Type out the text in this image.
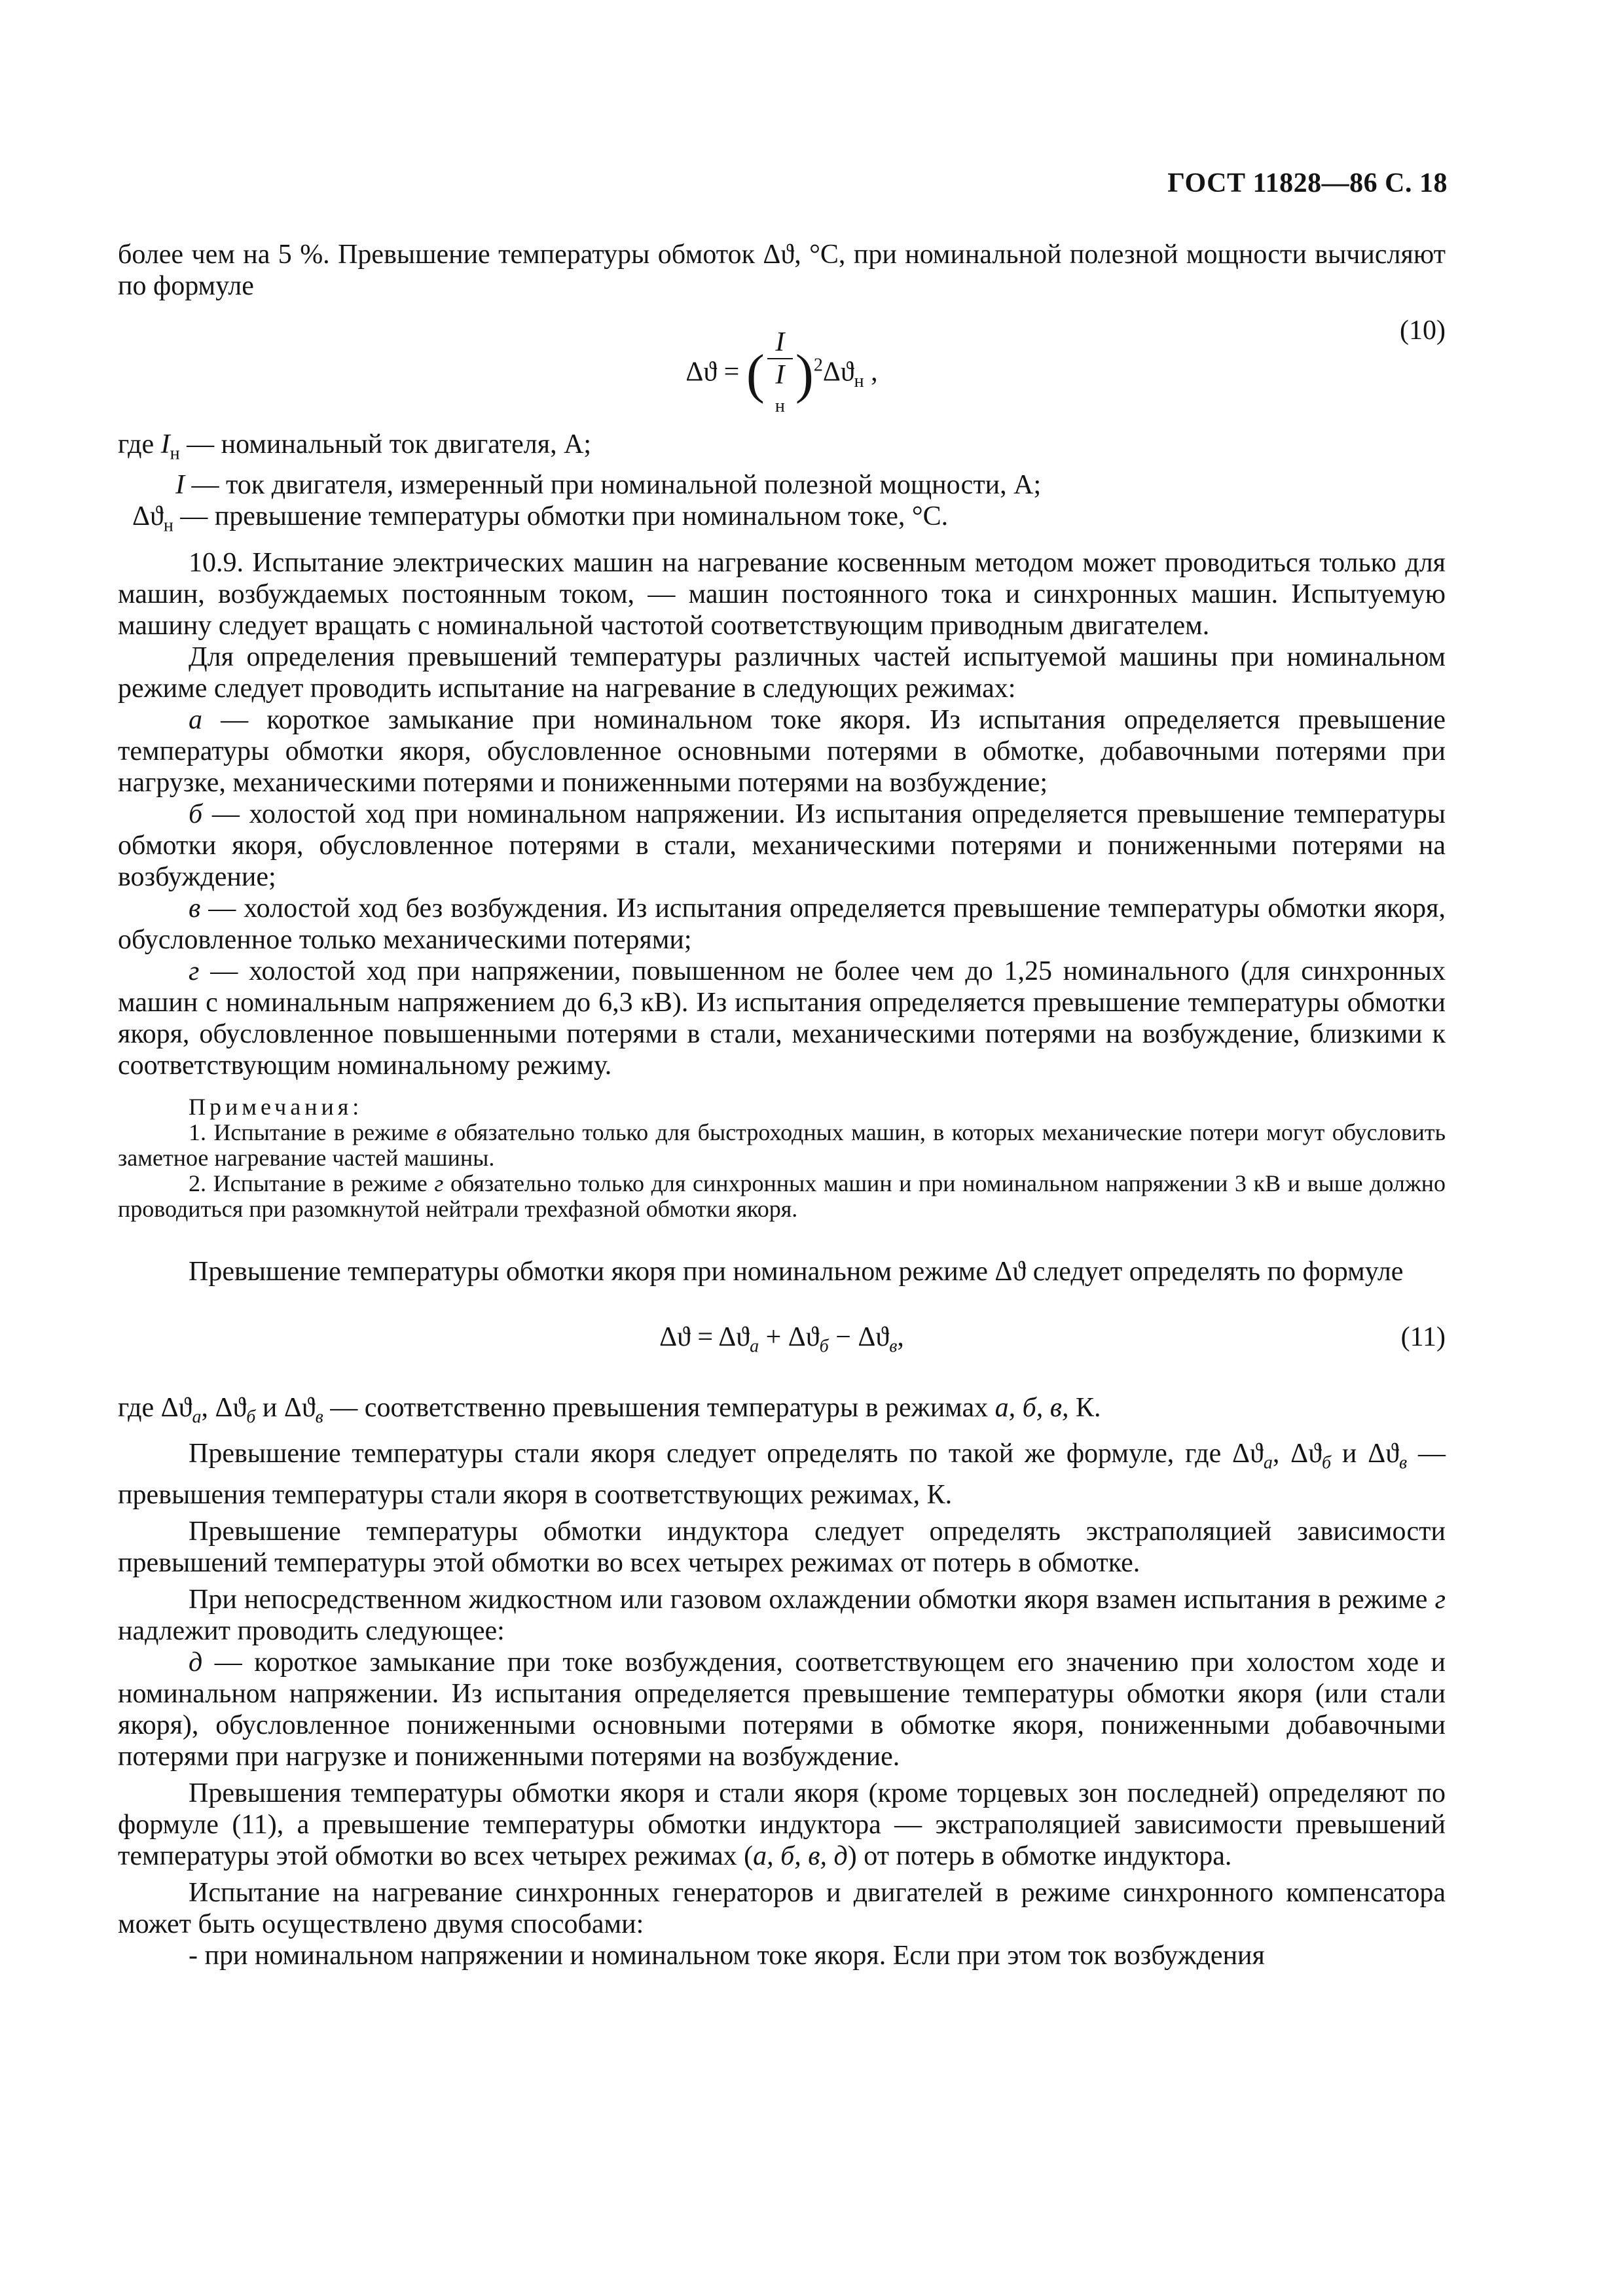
ГОСТ 11828—86 С. 18

более чем на 5 %. Превышение температуры обмоток Δϑ, °С, при номинальной полезной мощности вычисляют по формуле

Δϑ = ( I
I
н )$^2\Delta ϑ_н$ ,
(10)

где $I_н$ — номинальный ток двигателя, А;

I — ток двигателя, измеренный при номинальной полезной мощности, А;

$\Delta ϑ_н$ — превышение температуры обмотки при номинальном токе, °С.

10.9. Испытание электрических машин на нагревание косвенным методом может проводиться только для машин, возбуждаемых постоянным током, — машин постоянного тока и синхронных машин. Испытуемую машину следует вращать с номинальной частотой соответствующим приводным двигателем.

Для определения превышений температуры различных частей испытуемой машины при номинальном режиме следует проводить испытание на нагревание в следующих режимах:

а — короткое замыкание при номинальном токе якоря. Из испытания определяется превышение температуры обмотки якоря, обусловленное основными потерями в обмотке, добавочными потерями при нагрузке, механическими потерями и пониженными потерями на возбуждение;

б — холостой ход при номинальном напряжении. Из испытания определяется превышение температуры обмотки якоря, обусловленное потерями в стали, механическими потерями и пониженными потерями на возбуждение;

в — холостой ход без возбуждения. Из испытания определяется превышение температуры обмотки якоря, обусловленное только механическими потерями;

г — холостой ход при напряжении, повышенном не более чем до 1,25 номинального (для синхронных машин с номинальным напряжением до 6,3 кВ). Из испытания определяется превышение температуры обмотки якоря, обусловленное повышенными потерями в стали, механическими потерями на возбуждение, близкими к соответствующим номинальному режиму.

Примечания:

1. Испытание в режиме в обязательно только для быстроходных машин, в которых механические потери могут обусловить заметное нагревание частей машины.

2. Испытание в режиме г обязательно только для синхронных машин и при номинальном напряжении 3 кВ и выше должно проводиться при разомкнутой нейтрали трехфазной обмотки якоря.

Превышение температуры обмотки якоря при номинальном режиме Δϑ следует определять по формуле

$\Delta ϑ = \Delta ϑ_а + \Delta ϑ_б - \Delta ϑ_в$,	(11)

где $\Delta ϑ_а$, $\Delta ϑ_б$ и $\Delta ϑ_в$ — соответственно превышения температуры в режимах а, б, в, К.

Превышение температуры стали якоря следует определять по такой же формуле, где $\Delta ϑ_а$, $\Delta ϑ_б$ и $\Delta ϑ_в$ — превышения температуры стали якоря в соответствующих режимах, К.

Превышение температуры обмотки индуктора следует определять экстраполяцией зависимости превышений температуры этой обмотки во всех четырех режимах от потерь в обмотке.

При непосредственном жидкостном или газовом охлаждении обмотки якоря взамен испытания в режиме г надлежит проводить следующее:

д — короткое замыкание при токе возбуждения, соответствующем его значению при холостом ходе и номинальном напряжении. Из испытания определяется превышение температуры обмотки якоря (или стали якоря), обусловленное пониженными основными потерями в обмотке якоря, пониженными добавочными потерями при нагрузке и пониженными потерями на возбуждение.

Превышения температуры обмотки якоря и стали якоря (кроме торцевых зон последней) определяют по формуле (11), а превышение температуры обмотки индуктора — экстраполяцией зависимости превышений температуры этой обмотки во всех четырех режимах (а, б, в, д) от потерь в обмотке индуктора.

Испытание на нагревание синхронных генераторов и двигателей в режиме синхронного компенсатора может быть осуществлено двумя способами:

- при номинальном напряжении и номинальном токе якоря. Если при этом ток возбуждения
